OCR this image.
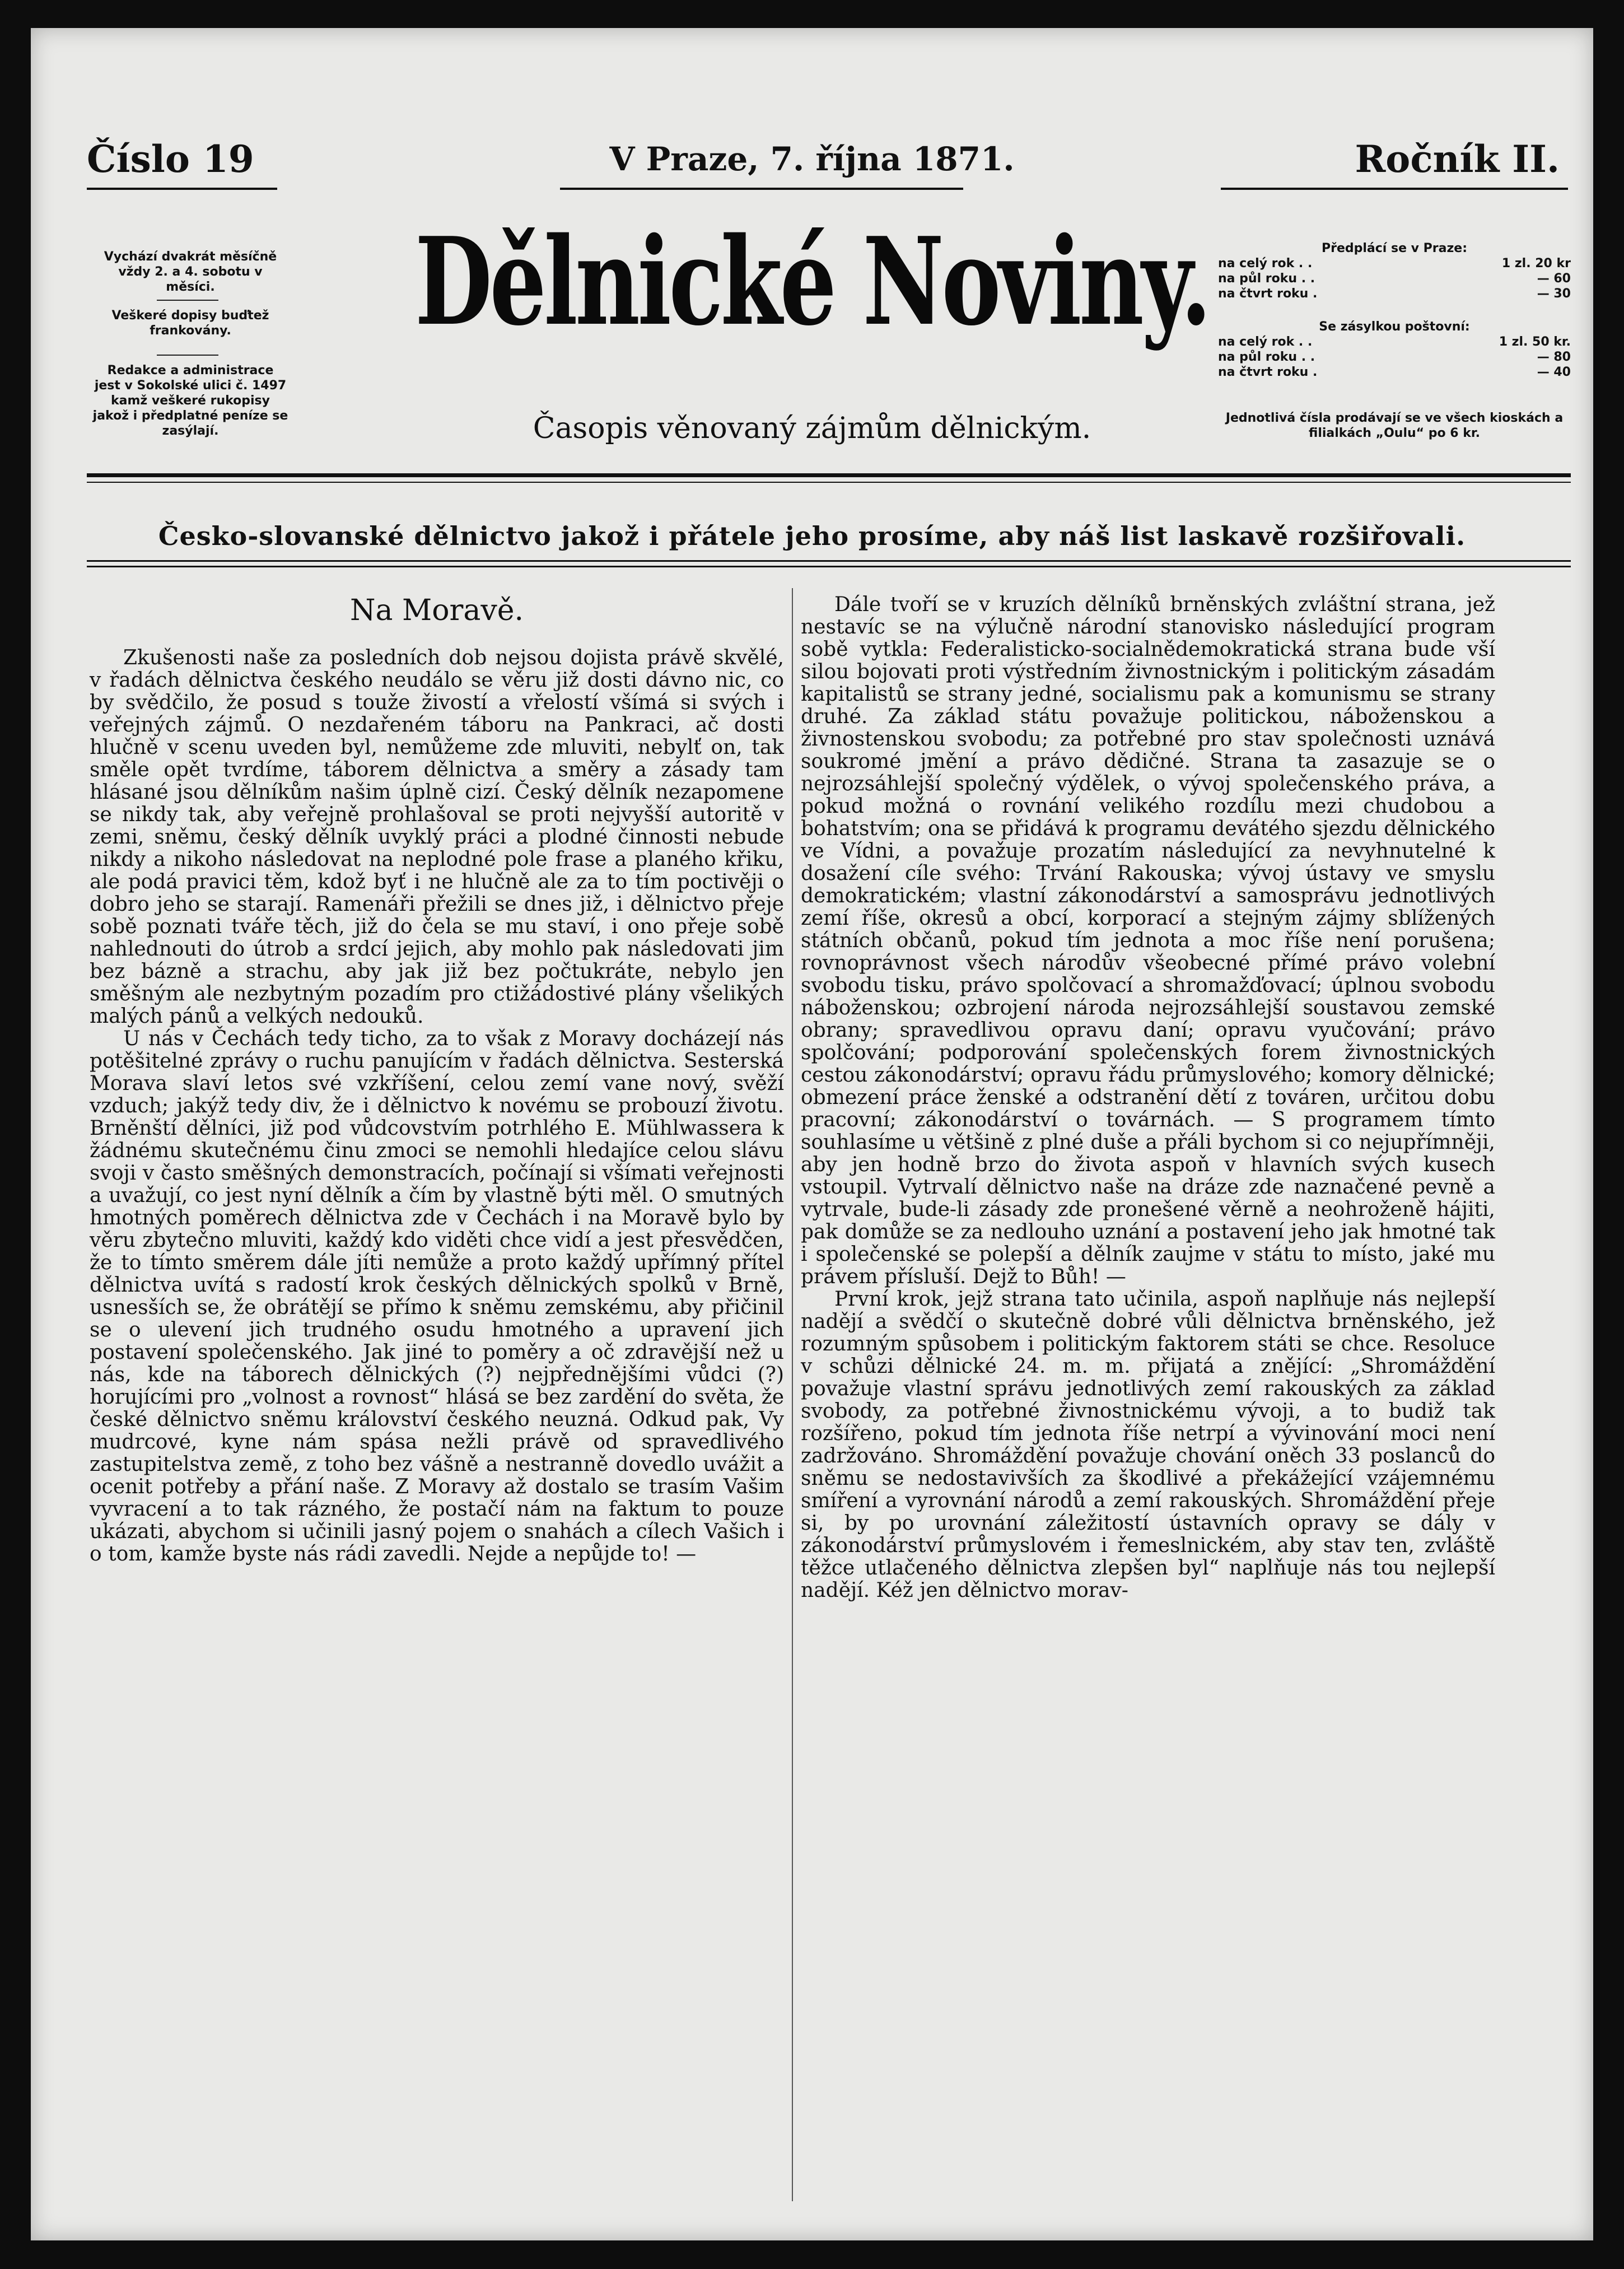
Číslo 19	V Praze, 7. října 1871.	Ročník II.
Vychází dvakrát měsíčně vždy 2. a 4. sobotu v měsíci.
Veškeré dopisy buďtež frankovány.
Redakce a administrace jest v Sokolské ulici č. 1497 kamž veškeré rukopisy jakož i předplatné peníze se zasýlají.
Dělnické Noviny.
Časopis věnovaný zájmům dělnickým.
Předplácí se v Praze:
na celý rok . .	1 zl. 20 kr
na půl roku . .	— 60
na čtvrt roku .	— 30
Se zásylkou poštovní:
na celý rok . .	1 zl. 50 kr.
na půl roku . .	— 80
na čtvrt roku .	— 40
Jednotlivá čísla prodávají se ve všech kioskách a filialkách „Oulu“ po 6 kr.
Česko-slovanské dělnictvo jakož i přátele jeho prosíme, aby náš list laskavě rozšiřovali.
Na Moravě.

Zkušenosti naše za posledních dob nejsou dojista právě skvělé, v řadách dělnictva českého neudálo se věru již dosti dávno nic, co by svědčilo, že posud s touže živostí a vřelostí všímá si svých i veřejných zájmů. O nezdařeném táboru na Pankraci, ač dosti hlučně v scenu uveden byl, nemůžeme zde mluviti, nebylť on, tak směle opět tvrdíme, táborem dělnictva a směry a zásady tam hlásané jsou dělníkům našim úplně cizí. Český dělník nezapomene se nikdy tak, aby veřejně prohlašoval se proti nejvyšší autoritě v zemi, sněmu, český dělník uvyklý práci a plodné činnosti nebude nikdy a nikoho následovat na neplodné pole frase a planého křiku, ale podá pravici těm, kdož byť i ne hlučně ale za to tím poctivěji o dobro jeho se starají. Ramenáři přežili se dnes již, i dělnictvo přeje sobě poznati tváře těch, již do čela se mu staví, i ono přeje sobě nahlednouti do útrob a srdcí jejich, aby mohlo pak následovati jim bez bázně a strachu, aby jak již bez počtukráte, nebylo jen směšným ale nezbytným pozadím pro ctižádostivé plány všelikých malých pánů a velkých nedouků.

U nás v Čechách tedy ticho, za to však z Moravy docházejí nás potěšitelné zprávy o ruchu panujícím v řadách dělnictva. Sesterská Morava slaví letos své vzkříšení, celou zemí vane nový, svěží vzduch; jakýž tedy div, že i dělnictvo k novému se probouzí životu. Brněnští dělníci, již pod vůdcovstvím potrhlého E. Mühlwassera k žádnému skutečnému činu zmoci se nemohli hledajíce celou slávu svoji v často směšných demonstracích, počínají si všímati veřejnosti a uvažují, co jest nyní dělník a čím by vlastně býti měl. O smutných hmotných poměrech dělnictva zde v Čechách i na Moravě bylo by věru zbytečno mluviti, každý kdo viděti chce vidí a jest přesvědčen, že to tímto směrem dále jíti nemůže a proto každý upřímný přítel dělnictva uvítá s radostí krok českých dělnických spolků v Brně, usnesších se, že obrátějí se přímo k sněmu zemskému, aby přičinil se o ulevení jich trudného osudu hmotného a upravení jich postavení společenského. Jak jiné to poměry a oč zdravější než u nás, kde na táborech dělnických (?) nejpřednějšími vůdci (?) horujícími pro „volnost a rovnost“ hlásá se bez zardění do světa, že české dělnictvo sněmu království českého neuzná. Odkud pak, Vy mudrcové, kyne nám spása nežli právě od spravedlivého zastupitelstva země, z toho bez vášně a nestranně dovedlo uvážit a ocenit potřeby a přání naše. Z Moravy až dostalo se trasím Vašim vyvracení a to tak rázného, že postačí nám na faktum to pouze ukázati, abychom si učinili jasný pojem o snahách a cílech Vašich i o tom, kamže byste nás rádi zavedli. Nejde a nepůjde to! —

Dále tvoří se v kruzích dělníků brněnských zvláštní strana, jež nestavíc se na výlučně národní stanovisko následující program sobě vytkla: Federalisticko-socialnědemokratická strana bude vší silou bojovati proti výstředním živnostnickým i politickým zásadám kapitalistů se strany jedné, socialismu pak a komunismu se strany druhé. Za základ státu považuje politickou, náboženskou a živnostenskou svobodu; za potřebné pro stav společnosti uznává soukromé jmění a právo dědičné. Strana ta zasazuje se o nejrozsáhlejší společný výdělek, o vývoj společenského práva, a pokud možná o rovnání velikého rozdílu mezi chudobou a bohatstvím; ona se přidává k programu devátého sjezdu dělnického ve Vídni, a považuje prozatím následující za nevyhnutelné k dosažení cíle svého: Trvání Rakouska; vývoj ústavy ve smyslu demokratickém; vlastní zákonodárství a samosprávu jednotlivých zemí říše, okresů a obcí, korporací a stejným zájmy sblížených státních občanů, pokud tím jednota a moc říše není porušena; rovnoprávnost všech národův všeobecné přímé právo volební svobodu tisku, právo spolčovací a shromažďovací; úplnou svobodu náboženskou; ozbrojení národa nejrozsáhlejší soustavou zemské obrany; spravedlivou opravu daní; opravu vyučování; právo spolčování; podporování společenských forem živnostnických cestou zákonodárství; opravu řádu průmyslového; komory dělnické; obmezení práce ženské a odstranění dětí z továren, určitou dobu pracovní; zákonodárství o továrnách. — S programem tímto souhlasíme u většině z plné duše a přáli bychom si co nejupřímněji, aby jen hodně brzo do života aspoň v hlavních svých kusech vstoupil. Vytrvalí dělnictvo naše na dráze zde naznačené pevně a vytrvale, bude-li zásady zde pronešené věrně a neohroženě hájiti, pak domůže se za nedlouho uznání a postavení jeho jak hmotné tak i společenské se polepší a dělník zaujme v státu to místo, jaké mu právem přísluší. Dejž to Bůh! —

První krok, jejž strana tato učinila, aspoň naplňuje nás nejlepší nadějí a svědčí o skutečně dobré vůli dělnictva brněnského, jež rozumným spůsobem i politickým faktorem státi se chce. Resoluce v schůzi dělnické 24. m. m. přijatá a znějící: „Shromáždění považuje vlastní správu jednotlivých zemí rakouských za základ svobody, za potřebné živnostnickému vývoji, a to budiž tak rozšířeno, pokud tím jednota říše netrpí a vývinování moci není zadržováno. Shromáždění považuje chování oněch 33 poslanců do sněmu se nedostavivších za škodlivé a překážející vzájemnému smíření a vyrovnání národů a zemí rakouských. Shromáždění přeje si, by po urovnání záležitostí ústavních opravy se dály v zákonodárství průmyslovém i řemeslnickém, aby stav ten, zvláště těžce utlačeného dělnictva zlepšen byl“ naplňuje nás tou nejlepší nadějí. Kéž jen dělnictvo morav-
